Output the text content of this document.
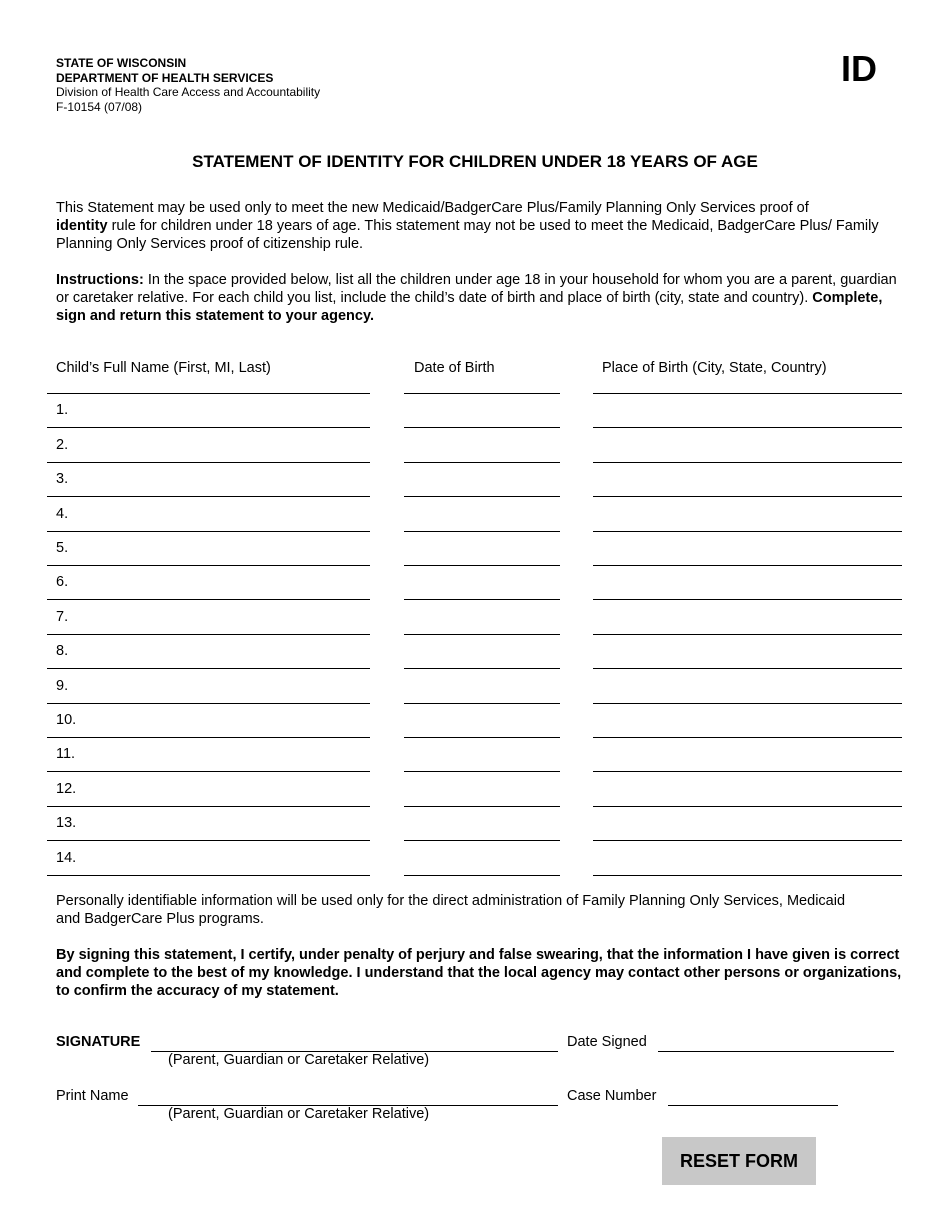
STATE OF WISCONSIN
DEPARTMENT OF HEALTH SERVICES
Division of Health Care Access and Accountability
F-10154 (07/08)
ID
STATEMENT OF IDENTITY FOR CHILDREN UNDER 18 YEARS OF AGE
This Statement may be used only to meet the new Medicaid/BadgerCare Plus/Family Planning Only Services proof of
identity rule for children under 18 years of age. This statement may not be used to meet the Medicaid, BadgerCare Plus/ Family Planning Only Services proof of citizenship rule.
Instructions: In the space provided below, list all the children under age 18 in your household for whom you are a parent, guardian or caretaker relative. For each child you list, include the child’s date of birth and place of birth (city, state and country). Complete, sign and return this statement to your agency.
Child’s Full Name (First, MI, Last)	Date of Birth	Place of Birth (City, State, Country)
1.
2.
3.
4.
5.
6.
7.
8.
9.
10.
11.
12.
13.
14.
Personally identifiable information will be used only for the direct administration of Family Planning Only Services, Medicaid and BadgerCare Plus programs.
By signing this statement, I certify, under penalty of perjury and false swearing, that the information I have given is correct and complete to the best of my knowledge. I understand that the local agency may contact other persons or organizations, to confirm the accuracy of my statement.
SIGNATURE
(Parent, Guardian or Caretaker Relative)
Date Signed
Print Name
(Parent, Guardian or Caretaker Relative)
Case Number
RESET FORM
